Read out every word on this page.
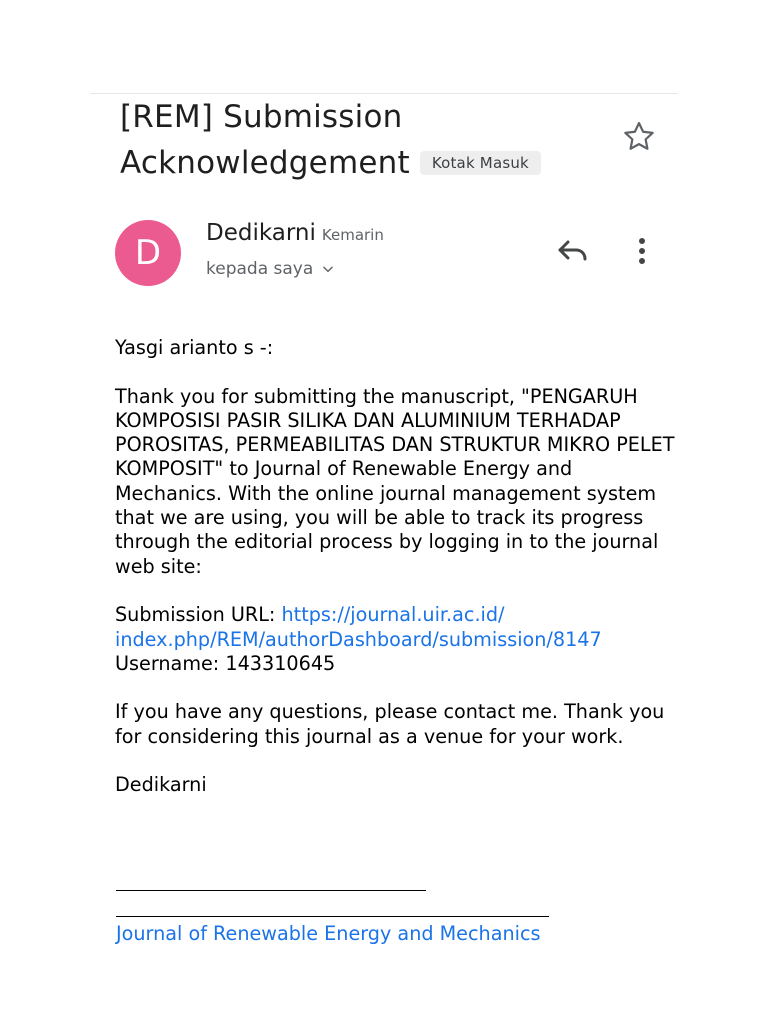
[REM] Submission
Acknowledgement	Kotak Masuk
D	Dedikarni Kemarin
kepada saya

Yasgi arianto s -:

Thank you for submitting the manuscript, "PENGARUH KOMPOSISI PASIR SILIKA DAN ALUMINIUM TERHADAP POROSITAS, PERMEABILITAS DAN STRUKTUR MIKRO PELET KOMPOSIT" to Journal of Renewable Energy and Mechanics. With the online journal management system that we are using, you will be able to track its progress through the editorial process by logging in to the journal web site:

Submission URL: https://journal.uir.ac.id/
index.php/REM/authorDashboard/submission/8147
Username: 143310645

If you have any questions, please contact me. Thank you for considering this journal as a venue for your work.

Dedikarni

Journal of Renewable Energy and Mechanics
